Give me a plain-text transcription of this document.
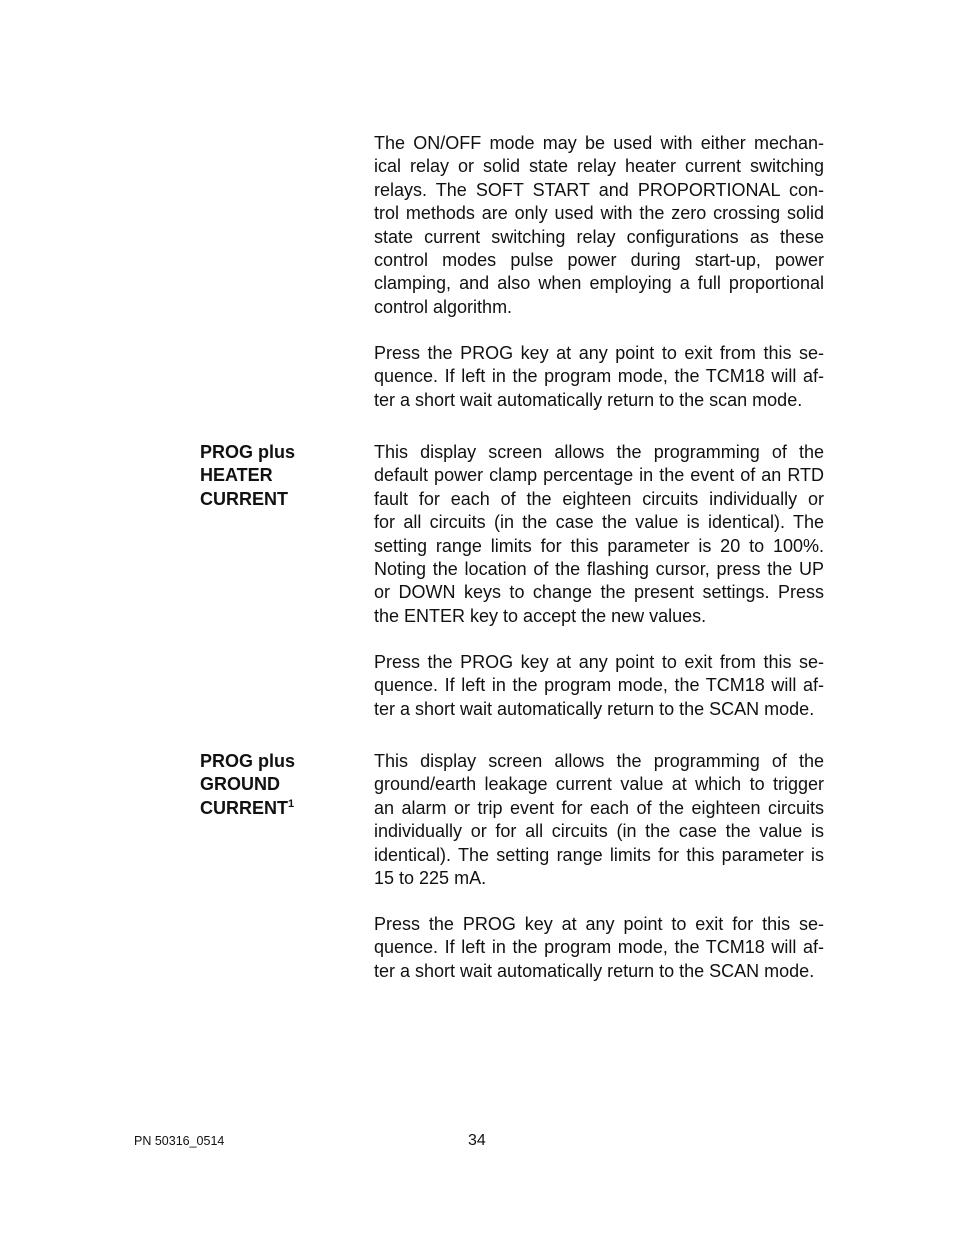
The ON/OFF mode may be used with either mechan-
ical relay or solid state relay heater current switching
relays. The SOFT START and PROPORTIONAL con-
trol methods are only used with the zero crossing solid
state current switching relay configurations as these
control modes pulse power during start-up, power
clamping, and also when employing a full proportional
control algorithm.
Press the PROG key at any point to exit from this se-
quence. If left in the program mode, the TCM18 will af-
ter a short wait automatically return to the scan mode.
PROG plus
HEATER
CURRENT
This display screen allows the programming of the
default power clamp percentage in the event of an RTD
fault for each of the eighteen circuits individually or
for all circuits (in the case the value is identical). The
setting range limits for this parameter is 20 to 100%.
Noting the location of the flashing cursor, press the UP
or DOWN keys to change the present settings. Press
the ENTER key to accept the new values.
Press the PROG key at any point to exit from this se-
quence. If left in the program mode, the TCM18 will af-
ter a short wait automatically return to the SCAN mode.
PROG plus
GROUND
CURRENT$^1$
This display screen allows the programming of the
ground/earth leakage current value at which to trigger
an alarm or trip event for each of the eighteen circuits
individually or for all circuits (in the case the value is
identical). The setting range limits for this parameter is
15 to 225 mA.
Press the PROG key at any point to exit for this se-
quence. If left in the program mode, the TCM18 will af-
ter a short wait automatically return to the SCAN mode.
PN 50316_0514	34
